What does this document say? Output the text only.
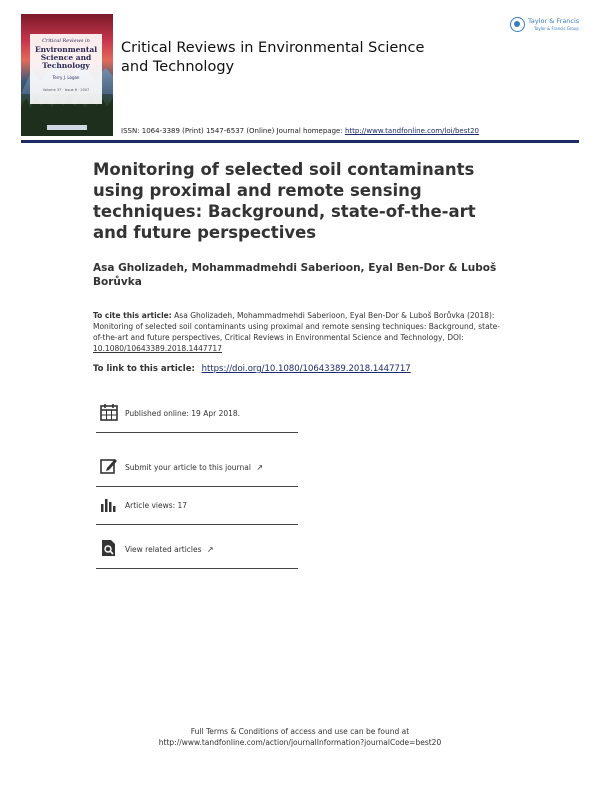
Critical Reviews in
Environmental Science and Technology
Terry J. Logan
Volume 37 · Issue 6 · 2007
Critical Reviews in Environmental Science and Technology
Taylor & Francis
Taylor & Francis Group
ISSN: 1064-3389 (Print) 1547-6537 (Online) Journal homepage: http://www.tandfonline.com/loi/best20
Monitoring of selected soil contaminants using proximal and remote sensing techniques: Background, state-of-the-art and future perspectives
Asa Gholizadeh, Mohammadmehdi Saberioon, Eyal Ben-Dor & Luboš Borůvka
To cite this article: Asa Gholizadeh, Mohammadmehdi Saberioon, Eyal Ben-Dor & Luboš Borůvka (2018): Monitoring of selected soil contaminants using proximal and remote sensing techniques: Background, state-of-the-art and future perspectives, Critical Reviews in Environmental Science and Technology, DOI: 10.1080/10643389.2018.1447717
To link to this article: https://doi.org/10.1080/10643389.2018.1447717
Published online: 19 Apr 2018.
Submit your article to this journal ↗
Article views: 17
View related articles ↗
Full Terms & Conditions of access and use can be found at
http://www.tandfonline.com/action/journalInformation?journalCode=best20
